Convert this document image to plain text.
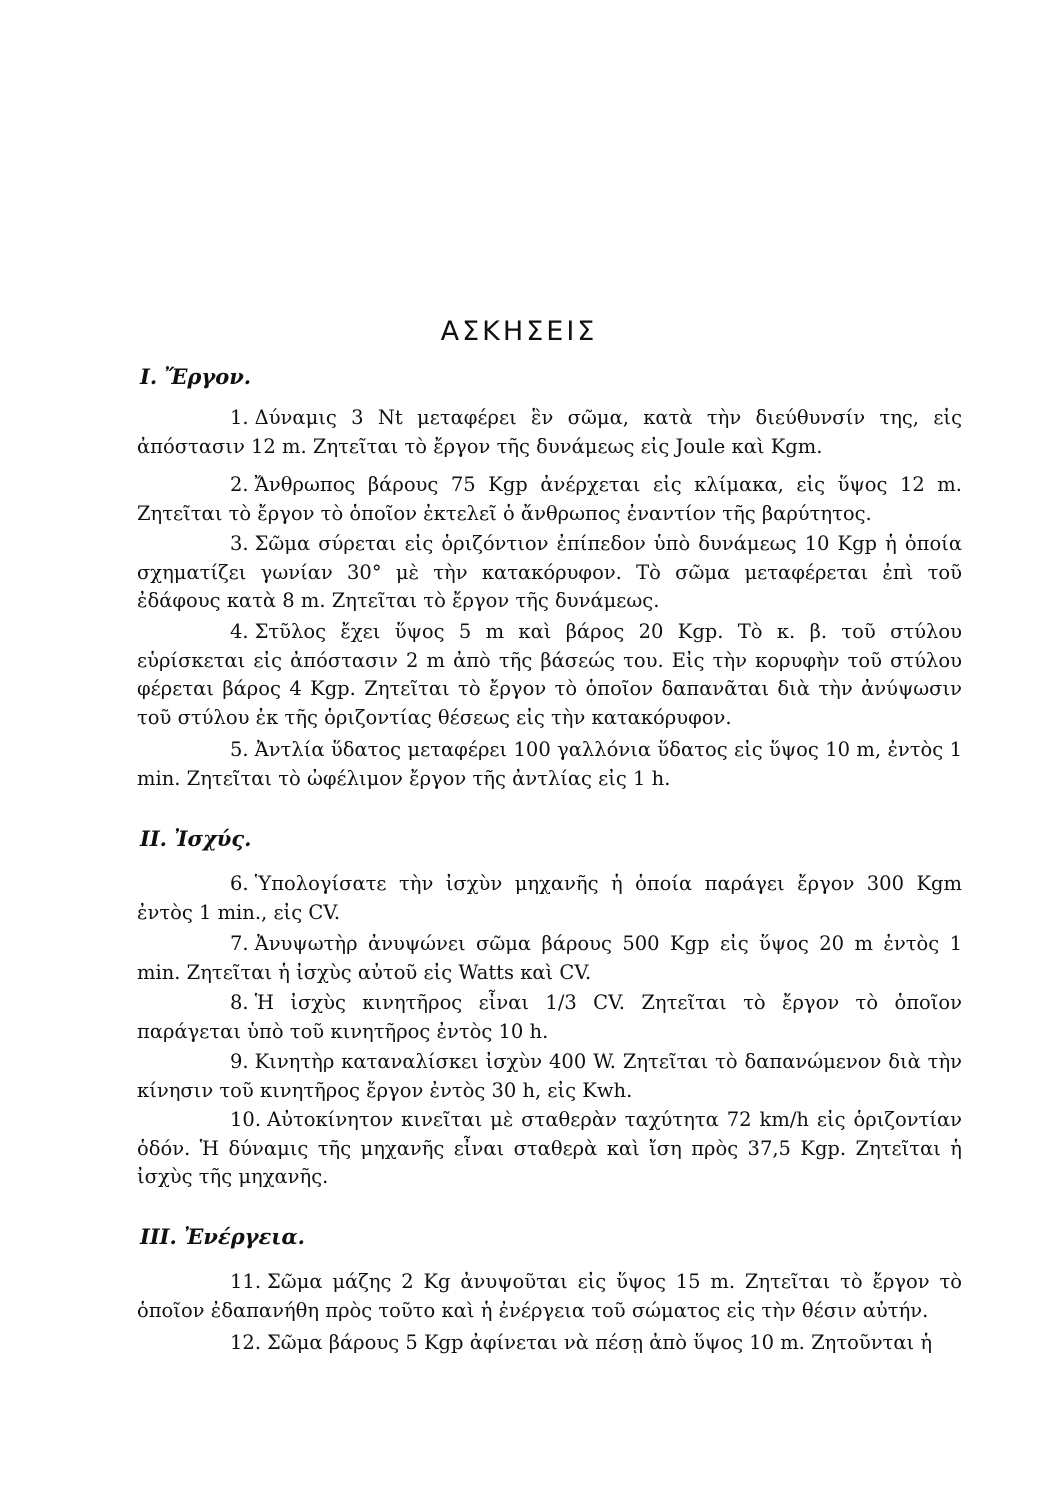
ΑΣΚΗΣΕΙΣ
I. Ἔργον.

1. Δύναμις 3 Nt μεταφέρει ἓν σῶμα, κατὰ τὴν διεύθυνσίν της, εἰς ἀπόστασιν 12 m. Ζητεῖται τὸ ἔργον τῆς δυνάμεως εἰς Joule καὶ Kgm.

2. Ἄνθρωπος βάρους 75 Kgp ἀνέρχεται εἰς κλίμακα, εἰς ὕψος 12 m. Ζητεῖται τὸ ἔργον τὸ ὁποῖον ἐκτελεῖ ὁ ἄνθρωπος ἐναντίον τῆς βαρύτητος.

3. Σῶμα σύρεται εἰς ὁριζόντιον ἐπίπεδον ὑπὸ δυνάμεως 10 Kgp ἡ ὁποία σχηματίζει γωνίαν 30° μὲ τὴν κατακόρυφον. Τὸ σῶμα μεταφέρεται ἐπὶ τοῦ ἐδάφους κατὰ 8 m. Ζητεῖται τὸ ἔργον τῆς δυνάμεως.

4. Στῦλος ἔχει ὕψος 5 m καὶ βάρος 20 Kgp. Τὸ κ. β. τοῦ στύλου εὑρίσκεται εἰς ἀπόστασιν 2 m ἀπὸ τῆς βάσεώς του. Εἰς τὴν κορυφὴν τοῦ στύλου φέρεται βάρος 4 Kgp. Ζητεῖται τὸ ἔργον τὸ ὁποῖον δαπανᾶται διὰ τὴν ἀνύψωσιν τοῦ στύλου ἐκ τῆς ὁριζοντίας θέσεως εἰς τὴν κατακόρυφον.

5. Ἀντλία ὕδατος μεταφέρει 100 γαλλόνια ὕδατος εἰς ὕψος 10 m, ἐντὸς 1 min. Ζητεῖται τὸ ὠφέλιμον ἔργον τῆς ἀντλίας εἰς 1 h.

II. Ἰσχύς.

6. Ὑπολογίσατε τὴν ἰσχὺν μηχανῆς ἡ ὁποία παράγει ἔργον 300 Kgm ἐντὸς 1 min., εἰς CV.

7. Ἀνυψωτὴρ ἀνυψώνει σῶμα βάρους 500 Kgp εἰς ὕψος 20 m ἐντὸς 1 min. Ζητεῖται ἡ ἰσχὺς αὐτοῦ εἰς Watts καὶ CV.

8. Ἡ ἰσχὺς κινητῆρος εἶναι 1/3 CV. Ζητεῖται τὸ ἔργον τὸ ὁποῖον παράγεται ὑπὸ τοῦ κινητῆρος ἐντὸς 10 h.

9. Κινητὴρ καταναλίσκει ἰσχὺν 400 W. Ζητεῖται τὸ δαπανώμενον διὰ τὴν κίνησιν τοῦ κινητῆρος ἔργον ἐντὸς 30 h, εἰς Kwh.

10. Αὐτοκίνητον κινεῖται μὲ σταθερὰν ταχύτητα 72 km/h εἰς ὁριζοντίαν ὁδόν. Ἡ δύναμις τῆς μηχανῆς εἶναι σταθερὰ καὶ ἴση πρὸς 37,5 Kgp. Ζητεῖται ἡ ἰσχὺς τῆς μηχανῆς.

III. Ἐνέργεια.

11. Σῶμα μάζης 2 Kg ἀνυψοῦται εἰς ὕψος 15 m. Ζητεῖται τὸ ἔργον τὸ ὁποῖον ἐδαπανήθη πρὸς τοῦτο καὶ ἡ ἐνέργεια τοῦ σώματος εἰς τὴν θέσιν αὐτήν.

12. Σῶμα βάρους 5 Kgp ἀφίνεται νὰ πέσῃ ἀπὸ ὕψος 10 m. Ζητοῦνται ἡ
